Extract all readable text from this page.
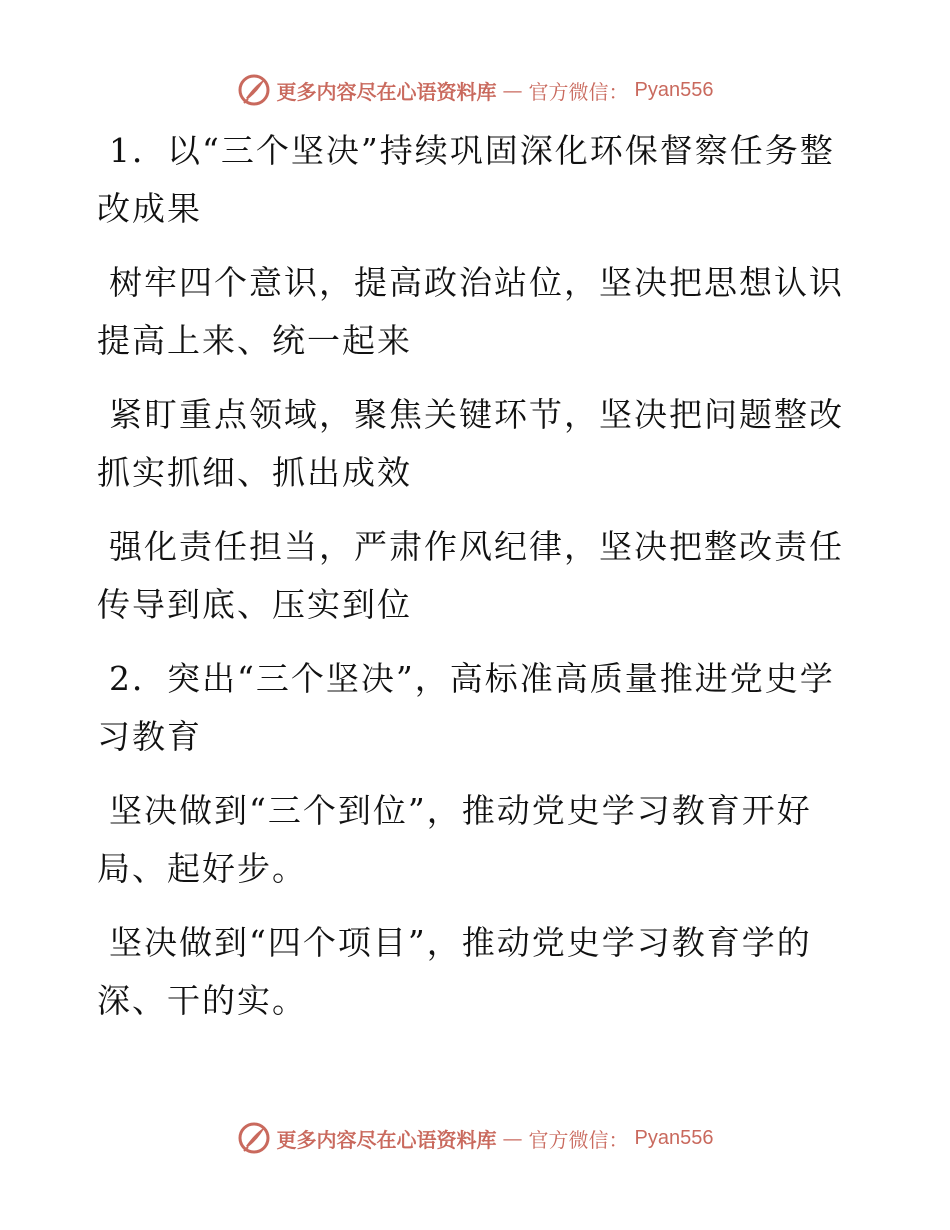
更多内容尽在心语资料库 — 官方微信： Pyan556

1．以“三个坚决”持续巩固深化环保督察任务整改成果

树牢四个意识，提高政治站位，坚决把思想认识提高上来、统一起来

紧盯重点领域，聚焦关键环节，坚决把问题整改抓实抓细、抓出成效

强化责任担当，严肃作风纪律，坚决把整改责任传导到底、压实到位

2．突出“三个坚决”，高标准高质量推进党史学习教育

坚决做到“三个到位”，推动党史学习教育开好局、起好步。

坚决做到“四个项目”，推动党史学习教育学的深、干的实。

更多内容尽在心语资料库 — 官方微信： Pyan556
